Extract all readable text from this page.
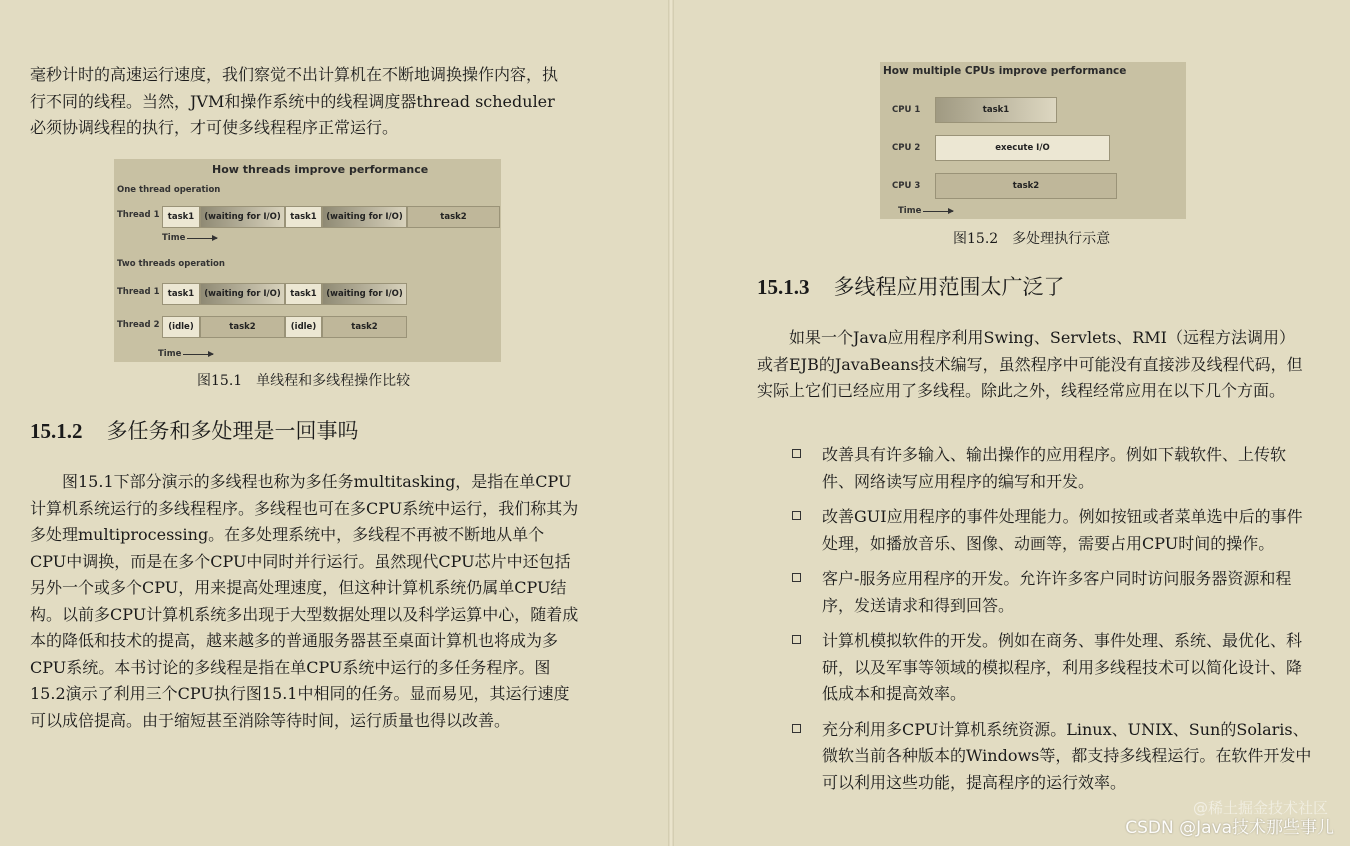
毫秒计时的高速运行速度，我们察觉不出计算机在不断地调换操作内容，执行不同的线程。当然，JVM和操作系统中的线程调度器thread scheduler必须协调线程的执行，才可使多线程程序正常运行。

How threads improve performance
One thread operation
Thread 1 task1	(waiting for I/O)	task1	(waiting for I/O)	task2
Time
Two threads operation
Thread 1 task1	(waiting for I/O)	task1	(waiting for I/O)
Thread 2	(idle)	task2	(idle)	task2
Time

图15.1 单线程和多线程操作比较

15.1.2 多任务和多处理是一回事吗

图15.1下部分演示的多线程也称为多任务multitasking，是指在单CPU计算机系统运行的多线程程序。多线程也可在多CPU系统中运行，我们称其为多处理multiprocessing。在多处理系统中，多线程不再被不断地从单个CPU中调换，而是在多个CPU中同时并行运行。虽然现代CPU芯片中还包括另外一个或多个CPU，用来提高处理速度，但这种计算机系统仍属单CPU结构。以前多CPU计算机系统多出现于大型数据处理以及科学运算中心，随着成本的降低和技术的提高，越来越多的普通服务器甚至桌面计算机也将成为多CPU系统。本书讨论的多线程是指在单CPU系统中运行的多任务程序。图15.2演示了利用三个CPU执行图15.1中相同的任务。显而易见，其运行速度可以成倍提高。由于缩短甚至消除等待时间，运行质量也得以改善。

How multiple CPUs improve performance
CPU 1	task1
CPU 2	execute I/O
CPU 3	task2
Time

图15.2 多处理执行示意

15.1.3 多线程应用范围太广泛了

如果一个Java应用程序利用Swing、Servlets、RMI（远程方法调用）或者EJB的JavaBeans技术编写，虽然程序中可能没有直接涉及线程代码，但实际上它们已经应用了多线程。除此之外，线程经常应用在以下几个方面。

改善具有许多输入、输出操作的应用程序。例如下载软件、上传软件、网络读写应用程序的编写和开发。
改善GUI应用程序的事件处理能力。例如按钮或者菜单选中后的事件处理，如播放音乐、图像、动画等，需要占用CPU时间的操作。
客户-服务应用程序的开发。允许许多客户同时访问服务器资源和程序，发送请求和得到回答。
计算机模拟软件的开发。例如在商务、事件处理、系统、最优化、科研，以及军事等领域的模拟程序，利用多线程技术可以简化设计、降低成本和提高效率。
充分利用多CPU计算机系统资源。Linux、UNIX、Sun的Solaris、微软当前各种版本的Windows等，都支持多线程运行。在软件开发中可以利用这些功能，提高程序的运行效率。
@稀土掘金技术社区
CSDN @Java技术那些事儿
